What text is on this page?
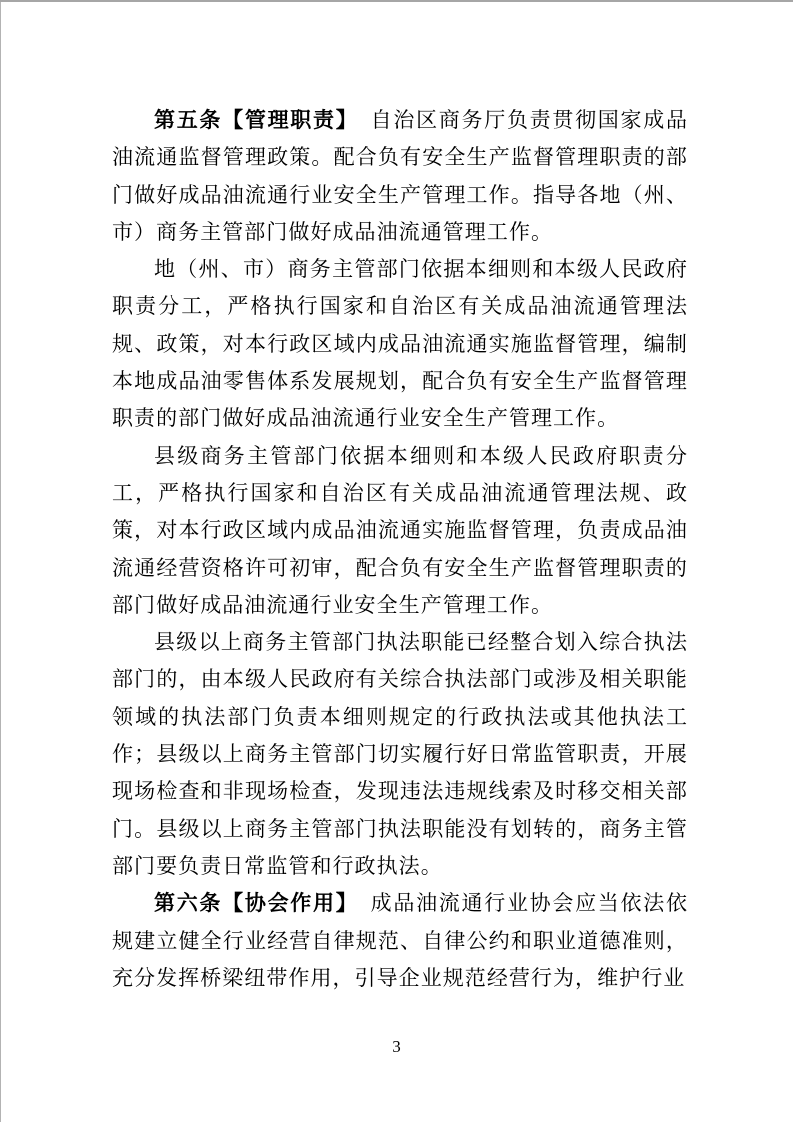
第五条【管理职责】　自治区商务厅负责贯彻国家成品油流通监督管理政策。配合负有安全生产监督管理职责的部门做好成品油流通行业安全生产管理工作。指导各地（州、市）商务主管部门做好成品油流通管理工作。

地（州、市）商务主管部门依据本细则和本级人民政府职责分工，严格执行国家和自治区有关成品油流通管理法规、政策，对本行政区域内成品油流通实施监督管理，编制本地成品油零售体系发展规划，配合负有安全生产监督管理职责的部门做好成品油流通行业安全生产管理工作。

县级商务主管部门依据本细则和本级人民政府职责分工，严格执行国家和自治区有关成品油流通管理法规、政策，对本行政区域内成品油流通实施监督管理，负责成品油流通经营资格许可初审，配合负有安全生产监督管理职责的部门做好成品油流通行业安全生产管理工作。

县级以上商务主管部门执法职能已经整合划入综合执法部门的，由本级人民政府有关综合执法部门或涉及相关职能领域的执法部门负责本细则规定的行政执法或其他执法工作；县级以上商务主管部门切实履行好日常监管职责，开展现场检查和非现场检查，发现违法违规线索及时移交相关部门。县级以上商务主管部门执法职能没有划转的，商务主管部门要负责日常监管和行政执法。

第六条【协会作用】　成品油流通行业协会应当依法依规建立健全行业经营自律规范、自律公约和职业道德准则，充分发挥桥梁纽带作用，引导企业规范经营行为，维护行业

3
